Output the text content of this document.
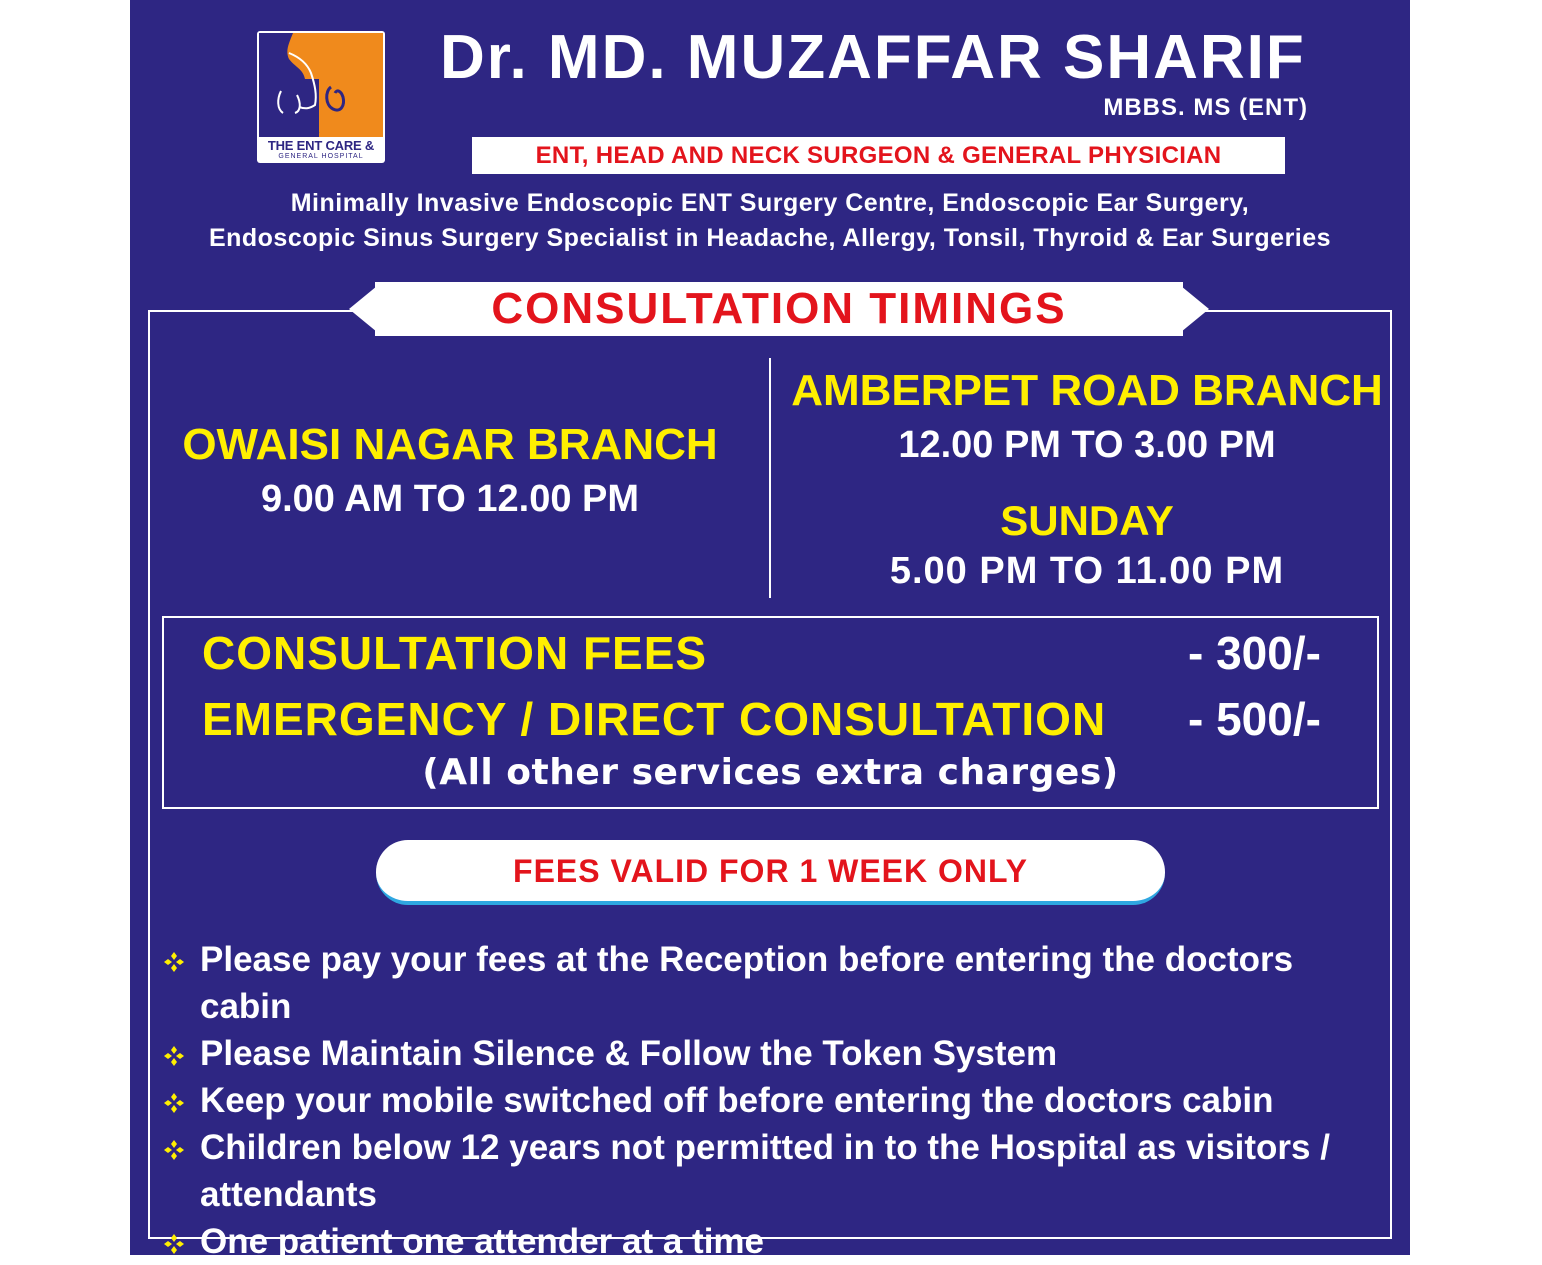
THE ENT CARE &
GENERAL HOSPITAL
Dr. MD. MUZAFFAR SHARIF
MBBS. MS (ENT)
ENT, HEAD AND NECK SURGEON & GENERAL PHYSICIAN
Minimally Invasive Endoscopic ENT Surgery Centre, Endoscopic Ear Surgery,
Endoscopic Sinus Surgery Specialist in Headache, Allergy, Tonsil, Thyroid & Ear Surgeries
CONSULTATION TIMINGS
OWAISI NAGAR BRANCH
9.00 AM TO 12.00 PM
AMBERPET ROAD BRANCH
12.00 PM TO 3.00 PM
SUNDAY
5.00 PM TO 11.00 PM
CONSULTATION FEES	- 300/-
EMERGENCY / DIRECT CONSULTATION - 500/-
(All other services extra charges)
FEES VALID FOR 1 WEEK ONLY
Please pay your fees at the Reception before entering the doctors cabin
Please Maintain Silence & Follow the Token System
Keep your mobile switched off before entering the doctors cabin
Children below 12 years not permitted in to the Hospital as visitors / attendants
One patient one attender at a time
